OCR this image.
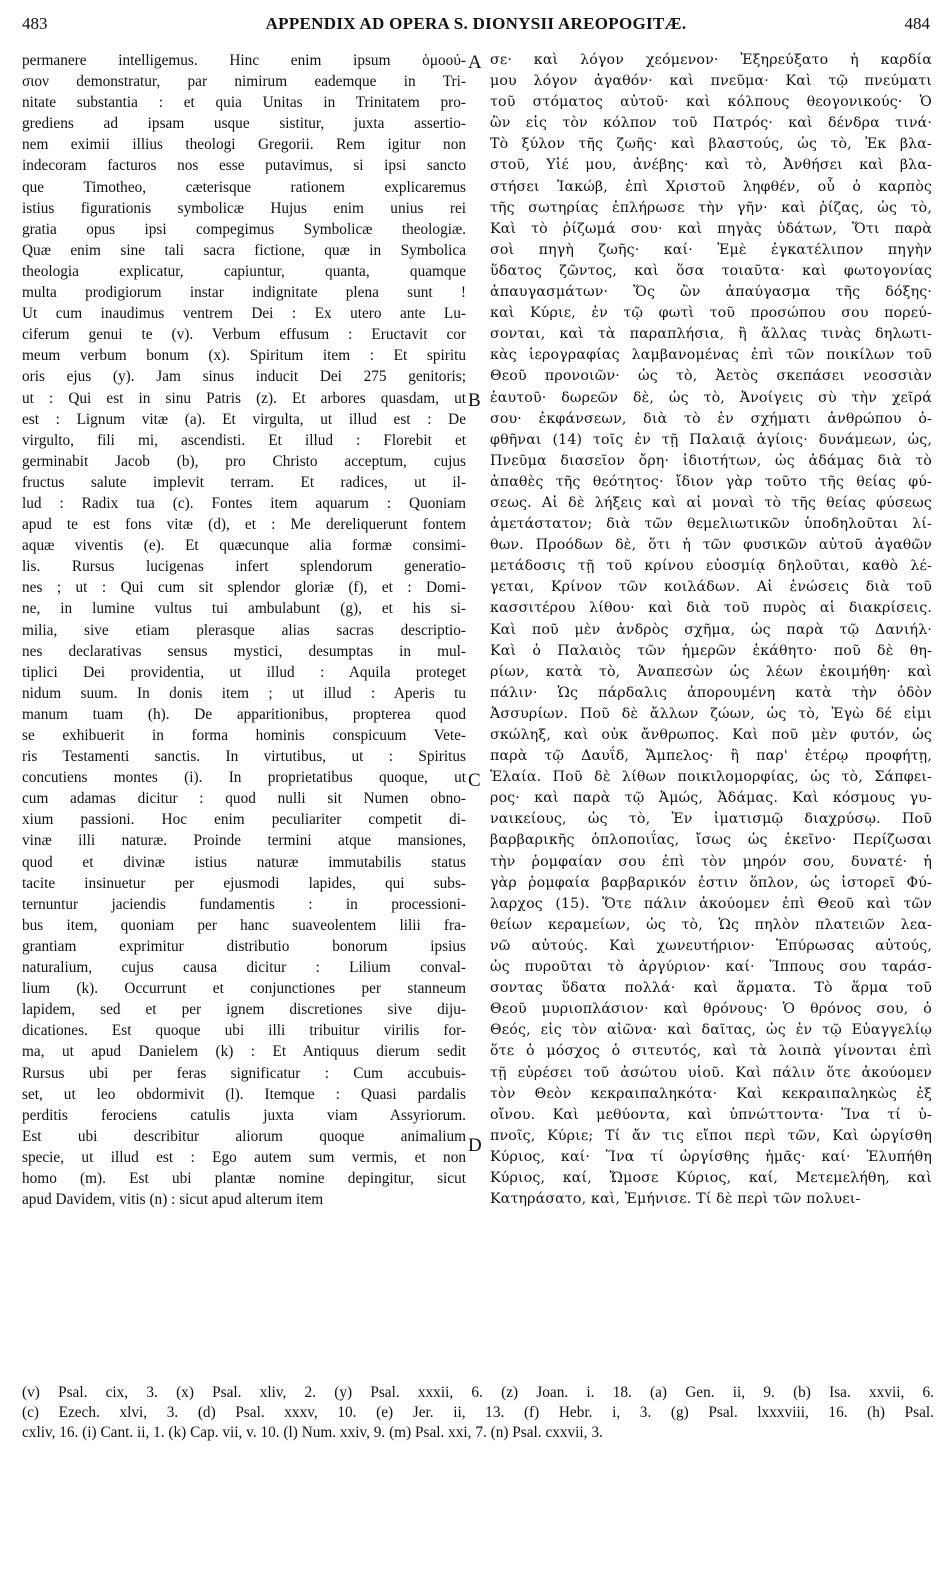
483	APPENDIX AD OPERA S. DIONYSII AREOPOGITÆ.	484
permanere intelligemus. Hinc enim ipsum ὁμοού-
σιον demonstratur, par nimirum eademque in Tri-
nitate substantia : et quia Unitas in Trinitatem pro-
grediens ad ipsam usque sistitur, juxta assertio-
nem eximii illius theologi Gregorii. Rem igitur non
indecoram facturos nos esse putavimus, si ipsi sancto
que Timotheo, cæterisque rationem explicaremus
istius figurationis symbolicæ Hujus enim unius rei
gratia opus ipsi compegimus Symbolicæ theologiæ.
Quæ enim sine tali sacra fictione, quæ in Symbolica
theologia explicatur, capiuntur, quanta, quamque
multa prodigiorum instar indignitate plena sunt !
Ut cum inaudimus ventrem Dei : Ex utero ante Lu-
ciferum genui te (v). Verbum effusum : Eructavit cor
meum verbum bonum (x). Spiritum item : Et spiritu
oris ejus (y). Jam sinus inducit Dei 275 genitoris;
ut : Qui est in sinu Patris (z). Et arbores quasdam, ut
est : Lignum vitæ (a). Et virgulta, ut illud est : De
virgulto, fili mi, ascendisti. Et illud : Florebit et
germinabit Jacob (b), pro Christo acceptum, cujus
fructus salute implevit terram. Et radices, ut il-
lud : Radix tua (c). Fontes item aquarum : Quoniam
apud te est fons vitæ (d), et : Me dereliquerunt fontem
aquæ viventis (e). Et quæcunque alia formæ consimi-
lis. Rursus lucigenas infert splendorum generatio-
nes ; ut : Qui cum sit splendor gloriæ (f), et : Domi-
ne, in lumine vultus tui ambulabunt (g), et his si-
milia, sive etiam plerasque alias sacras descriptio-
nes declarativas sensus mystici, desumptas in mul-
tiplici Dei providentia, ut illud : Aquila proteget
nidum suum. In donis item ; ut illud : Aperis tu
manum tuam (h). De apparitionibus, propterea quod
se exhibuerit in forma hominis conspicuum Vete-
ris Testamenti sanctis. In virtutibus, ut : Spiritus
concutiens montes (i). In proprietatibus quoque, ut
cum adamas dicitur : quod nulli sit Numen obno-
xium passioni. Hoc enim peculiariter competit di-
vinæ illi naturæ. Proinde termini atque mansiones,
quod et divinæ istius naturæ immutabilis status
tacite insinuetur per ejusmodi lapides, qui subs-
ternuntur jaciendis fundamentis : in processioni-
bus item, quoniam per hanc suaveolentem lilii fra-
grantiam exprimitur distributio bonorum ipsius
naturalium, cujus causa dicitur : Lilium conval-
lium (k). Occurrunt et conjunctiones per stanneum
lapidem, sed et per ignem discretiones sive diju-
dicationes. Est quoque ubi illi tribuitur virilis for-
ma, ut apud Danielem (k) : Et Antiquus dierum sedit
Rursus ubi per feras significatur : Cum accubuis-
set, ut leo obdormivit (l). Itemque : Quasi pardalis
perditis ferociens catulis juxta viam Assyriorum.
Est ubi describitur aliorum quoque animalium
specie, ut illud est : Ego autem sum vermis, et non
homo (m). Est ubi plantæ nomine depingitur, sicut
apud Davidem, vitis (n) : sicut apud alterum item
A
B
C
D
σε· καὶ λόγον χεόμενον· Ἐξηρεύξατο ἡ καρδία
μου λόγον ἀγαθόν· καὶ πνεῦμα· Καὶ τῷ πνεύματι
τοῦ στόματος αὐτοῦ· καὶ κόλπους θεογονικούς· Ὁ
ὢν εἰς τὸν κόλπον τοῦ Πατρός· καὶ δένδρα τινά·
Τὸ ξύλον τῆς ζωῆς· καὶ βλαστούς, ὡς τὸ, Ἐκ βλα-
στοῦ, Υἱέ μου, ἀνέβης· καὶ τὸ, Ἀνθήσει καὶ βλα-
στήσει Ἰακώβ, ἐπὶ Χριστοῦ ληφθέν, οὗ ὁ καρπὸς
τῆς σωτηρίας ἐπλήρωσε τὴν γῆν· καὶ ῥίζας, ὡς τὸ,
Καὶ τὸ ῥίζωμά σου· καὶ πηγὰς ὑδάτων, Ὅτι παρὰ
σοὶ πηγὴ ζωῆς· καί· Ἐμὲ ἐγκατέλιπον πηγὴν
ὕδατος ζῶντος, καὶ ὅσα τοιαῦτα· καὶ φωτογονίας
ἀπαυγασμάτων· Ὅς ὢν ἀπαύγασμα τῆς δόξης·
καὶ Κύριε, ἐν τῷ φωτὶ τοῦ προσώπου σου πορεύ-
σονται, καὶ τὰ παραπλήσια, ἢ ἄλλας τινὰς δηλωτι-
κὰς ἱερογραφίας λαμβανομένας ἐπὶ τῶν ποικίλων τοῦ
Θεοῦ προνοιῶν· ὡς τὸ, Ἀετὸς σκεπάσει νεοσσιὰν
ἑαυτοῦ· δωρεῶν δὲ, ὡς τὸ, Ἀνοίγεις σὺ τὴν χεῖρά
σου· ἐκφάνσεων, διὰ τὸ ἐν σχήματι ἀνθρώπου ὀ-
φθῆναι (14) τοῖς ἐν τῇ Παλαιᾷ ἁγίοις· δυνάμεων, ὡς,
Πνεῦμα διασεῖον ὄρη· ἰδιοτήτων, ὡς ἀδάμας διὰ τὸ
ἀπαθὲς τῆς θεότητος· ἴδιον γὰρ τοῦτο τῆς θείας φύ-
σεως. Αἱ δὲ λήξεις καὶ αἱ μοναὶ τὸ τῆς θείας φύσεως
ἀμετάστατον; διὰ τῶν θεμελιωτικῶν ὑποδηλοῦται λί-
θων. Προόδων δὲ, ὅτι ἡ τῶν φυσικῶν αὐτοῦ ἀγαθῶν
μετάδοσις τῇ τοῦ κρίνου εὐοσμίᾳ δηλοῦται, καθὸ λέ-
γεται, Κρίνον τῶν κοιλάδων. Αἱ ἑνώσεις διὰ τοῦ
κασσιτέρου λίθου· καὶ διὰ τοῦ πυρὸς αἱ διακρίσεις.
Καὶ ποῦ μὲν ἀνδρὸς σχῆμα, ὡς παρὰ τῷ Δανιήλ·
Καὶ ὁ Παλαιὸς τῶν ἡμερῶν ἐκάθητο· ποῦ δὲ θη-
ρίων, κατὰ τὸ, Ἀναπεσὼν ὡς λέων ἐκοιμήθη· καὶ
πάλιν· Ὡς πάρδαλις ἀπορουμένη κατὰ τὴν ὁδὸν
Ἀσσυρίων. Ποῦ δὲ ἄλλων ζώων, ὡς τὸ, Ἐγὼ δέ εἰμι
σκώληξ, καὶ οὐκ ἄνθρωπος. Καὶ ποῦ μὲν φυτόν, ὡς
παρὰ τῷ Δαυΐδ, Ἄμπελος· ἢ παρ' ἑτέρῳ προφήτῃ,
Ἐλαία. Ποῦ δὲ λίθων ποικιλομορφίας, ὡς τὸ, Σάπφει-
ρος· καὶ παρὰ τῷ Ἀμώς, Ἀδάμας. Καὶ κόσμους γυ-
ναικείους, ὡς τὸ, Ἐν ἱματισμῷ διαχρύσῳ. Ποῦ
βαρβαρικῆς ὁπλοποιΐας, ἴσως ὡς ἐκεῖνο· Περίζωσαι
τὴν ῥομφαίαν σου ἐπὶ τὸν μηρόν σου, δυνατέ· ἡ
γὰρ ῥομφαία βαρβαρικόν ἐστιν ὅπλον, ὡς ἱστορεῖ Φύ-
λαρχος (15). Ὅτε πάλιν ἀκούομεν ἐπὶ Θεοῦ καὶ τῶν
θείων κεραμείων, ὡς τὸ, Ὡς πηλὸν πλατειῶν λεα-
νῶ αὐτούς. Καὶ χωνευτήριον· Ἐπύρωσας αὐτούς,
ὡς πυροῦται τὸ ἀργύριον· καί· Ἵππους σου ταράσ-
σοντας ὕδατα πολλά· καὶ ἅρματα. Τὸ ἅρμα τοῦ
Θεοῦ μυριοπλάσιον· καὶ θρόνους· Ὁ θρόνος σου, ὁ
Θεός, εἰς τὸν αἰῶνα· καὶ δαῖτας, ὡς ἐν τῷ Εὐαγγελίῳ
ὅτε ὁ μόσχος ὁ σιτευτός, καὶ τὰ λοιπὰ γίνονται ἐπὶ
τῇ εὑρέσει τοῦ ἀσώτου υἱοῦ. Καὶ πάλιν ὅτε ἀκούομεν
τὸν Θεὸν κεκραιπαληκότα· Καὶ κεκραιπαληκὼς ἐξ
οἴνου. Καὶ μεθύοντα, καὶ ὑπνώττοντα· Ἵνα τί ὑ-
πνοῖς, Κύριε; Τί ἄν τις εἴποι περὶ τῶν, Καὶ ὠργίσθη
Κύριος, καί· Ἵνα τί ὠργίσθης ἡμᾶς· καί· Ἐλυπήθη
Κύριος, καί, Ὤμοσε Κύριος, καί, Μετεμελήθη, καὶ
Κατηράσατο, καὶ, Ἐμήνισε. Τί δὲ περὶ τῶν πολυει-
(v) Psal. cix, 3. (x) Psal. xliv, 2. (y) Psal. xxxii, 6. (z) Joan. i. 18. (a) Gen. ii, 9. (b) Isa. xxvii, 6.
(c) Ezech. xlvi, 3. (d) Psal. xxxv, 10. (e) Jer. ii, 13. (f) Hebr. i, 3. (g) Psal. lxxxviii, 16. (h) Psal.
cxliv, 16. (i) Cant. ii, 1. (k) Cap. vii, v. 10. (l) Num. xxiv, 9. (m) Psal. xxi, 7. (n) Psal. cxxvii, 3.
